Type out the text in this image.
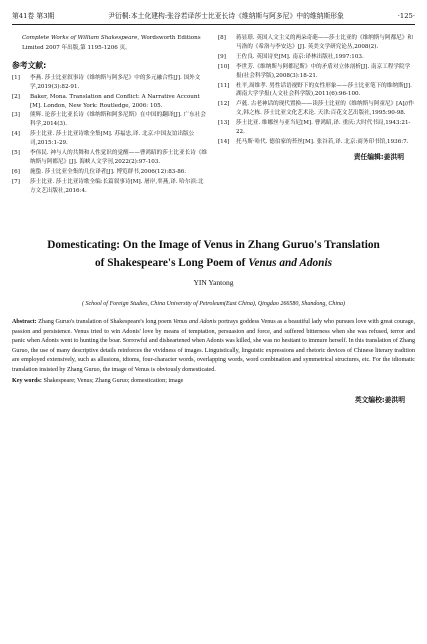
第41卷 第3期	尹衍桐:本土化建构:张谷若译莎士比亚长诗《维纳斯与阿多尼》中的维纳斯形象	·125·
Complete Works of William Shakespeare, Wordsworth Editions
Limited 2007 年出版,第 1195-1206 页。
参考文献:
[1]	李燕. 莎士比亚叙事诗《维纳斯与阿多尼》中的多元融合性[J]. 国外文学,2019(3):82-91.
[2]	Baker, Mona. Translation and Conflict: A Narrative Account [M]. London, New York: Routledge, 2006: 105.
[3]	熊辉. 论莎士比亚长诗《维纳斯和阿多尼斯》在中国的翻译[J]. 广东社会科学,2014(3).
[4]	莎士比亚. 莎士比亚诗歌全集[M]. 苏福忠,译. 北京:中国友谊出版公司,2015:1-29.
[5]	李伟民. 神与人的共舞和人性觉识的觉醒——曹鸿昭的莎士比亚长诗《维纳斯与阿都尼》[J]. 海峡人文学刊,2022(2):97-103.
[6]	施蛰. 莎士比亚全集的几位译者[J]. 博览群书,2006(12):83-86.
[7]	莎士比亚. 莎士比亚诗歌全编:长篇叙事诗[M]. 屠岸,辜燕,译. 哈尔滨:北方文艺出版社,2016:4.
[8]	蒋显璟. 英国人文主义的两朵奇葩——莎士比亚的《维纳斯与阿都尼》和马洛的《希洛与李安达》[J]. 英美文学研究论丛,2008(2).
[9]	王佐良. 英国诗史[M]. 南京:译林出版社,1997:103.
[10]	李世芳.《维纳斯与阿都尼斯》中的矛盾对立体剖析[J]. 南京工程学院学报(社会科学版),2008(3):18-21.
[11]	杜平,周维孝. 男性话语视野下的女性形象——莎士比亚笔下的维纳斯[J]. 湖南大学学报(人文社会科学版),2011(6):96-100.
[12]	卢蕤. 古老神话的现代置换——读莎士比亚的《维纳斯与阿童尼》[A]//作文,韩之栋. 莎士比亚文化艺术论. 天津:百花文艺出版社,1995:90-98.
[13]	莎士比亚. 维娜丝与亚当尼[M]. 曹鸿昭,译. 重庆:大时代书局,1943:21-22.
[14]	托马斯·哈代. 德伯家的苔丝[M]. 张谷若,译. 北京:商务印书馆,1936:7.
责任编辑:姜洪明
Domesticating: On the Image of Venus in Zhang Guruo's Translation
of Shakespeare's Long Poem of Venus and Adonis
YIN Yantong
( School of Foreign Studies, China University of Petroleum(East China), Qingdao 266580, Shandong, China)
Abstract: Zhang Guruo's translation of Shakespeare's long poem Venus and Adonis portrays goddess Venus as a beautiful lady who pursues love with great courage, passion and persistence. Venus tried to win Adonis' love by means of temptation, persuasion and force, and suffered bitterness when she was refused, terror and panic when Adonis went to hunting the boar. Sorrowful and disheartened when Adonis was killed, she was no hesitant to immure herself. In this translation of Zhang Guruo, the use of many descriptive details reinforces the vividness of images. Linguistically, linguistic expressions and rhetoric devices of Chinese literary tradition are employed extensively, such as allusions, idioms, four-character words, overlapping words, word combination and symmetrical structures, etc. For the idiomatic translation insisted by Zhang Guruo, the image of Venus is obviously domesticated.
Key words: Shakespeare; Venus; Zhang Guruo; domestication; image
英文编校:姜洪明
